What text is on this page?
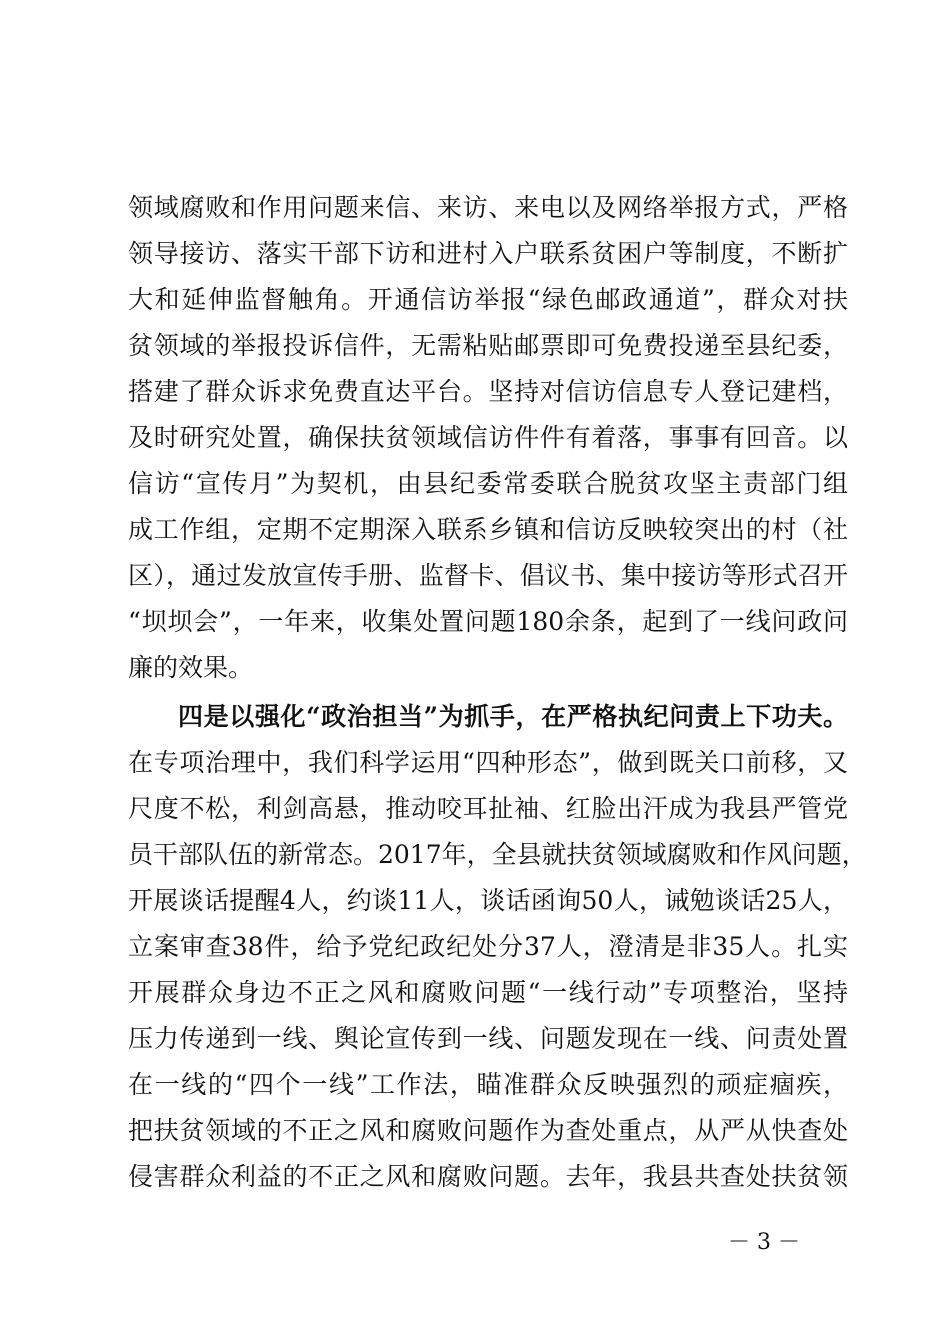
领域腐败和作用问题来信、来访、来电以及网络举报方式，严格
领导接访、落实干部下访和进村入户联系贫困户等制度，不断扩
大和延伸监督触角。开通信访举报“绿色邮政通道”，群众对扶
贫领域的举报投诉信件，无需粘贴邮票即可免费投递至县纪委，
搭建了群众诉求免费直达平台。坚持对信访信息专人登记建档，
及时研究处置，确保扶贫领域信访件件有着落，事事有回音。以
信访“宣传月”为契机，由县纪委常委联合脱贫攻坚主责部门组
成工作组，定期不定期深入联系乡镇和信访反映较突出的村（社
区），通过发放宣传手册、监督卡、倡议书、集中接访等形式召开
“坝坝会”，一年来，收集处置问题180余条，起到了一线问政问
廉的效果。
四是以强化“政治担当”为抓手，在严格执纪问责上下功夫。
在专项治理中，我们科学运用“四种形态”，做到既关口前移，又
尺度不松，利剑高悬，推动咬耳扯袖、红脸出汗成为我县严管党
员干部队伍的新常态。2017年，全县就扶贫领域腐败和作风问题，
开展谈话提醒4人，约谈11人，谈话函询50人，诫勉谈话25人，
立案审查38件，给予党纪政纪处分37人，澄清是非35人。扎实
开展群众身边不正之风和腐败问题“一线行动”专项整治，坚持
压力传递到一线、舆论宣传到一线、问题发现在一线、问责处置
在一线的“四个一线”工作法，瞄准群众反映强烈的顽症痼疾，
把扶贫领域的不正之风和腐败问题作为查处重点，从严从快查处
侵害群众利益的不正之风和腐败问题。去年，我县共查处扶贫领
－ 3 －
